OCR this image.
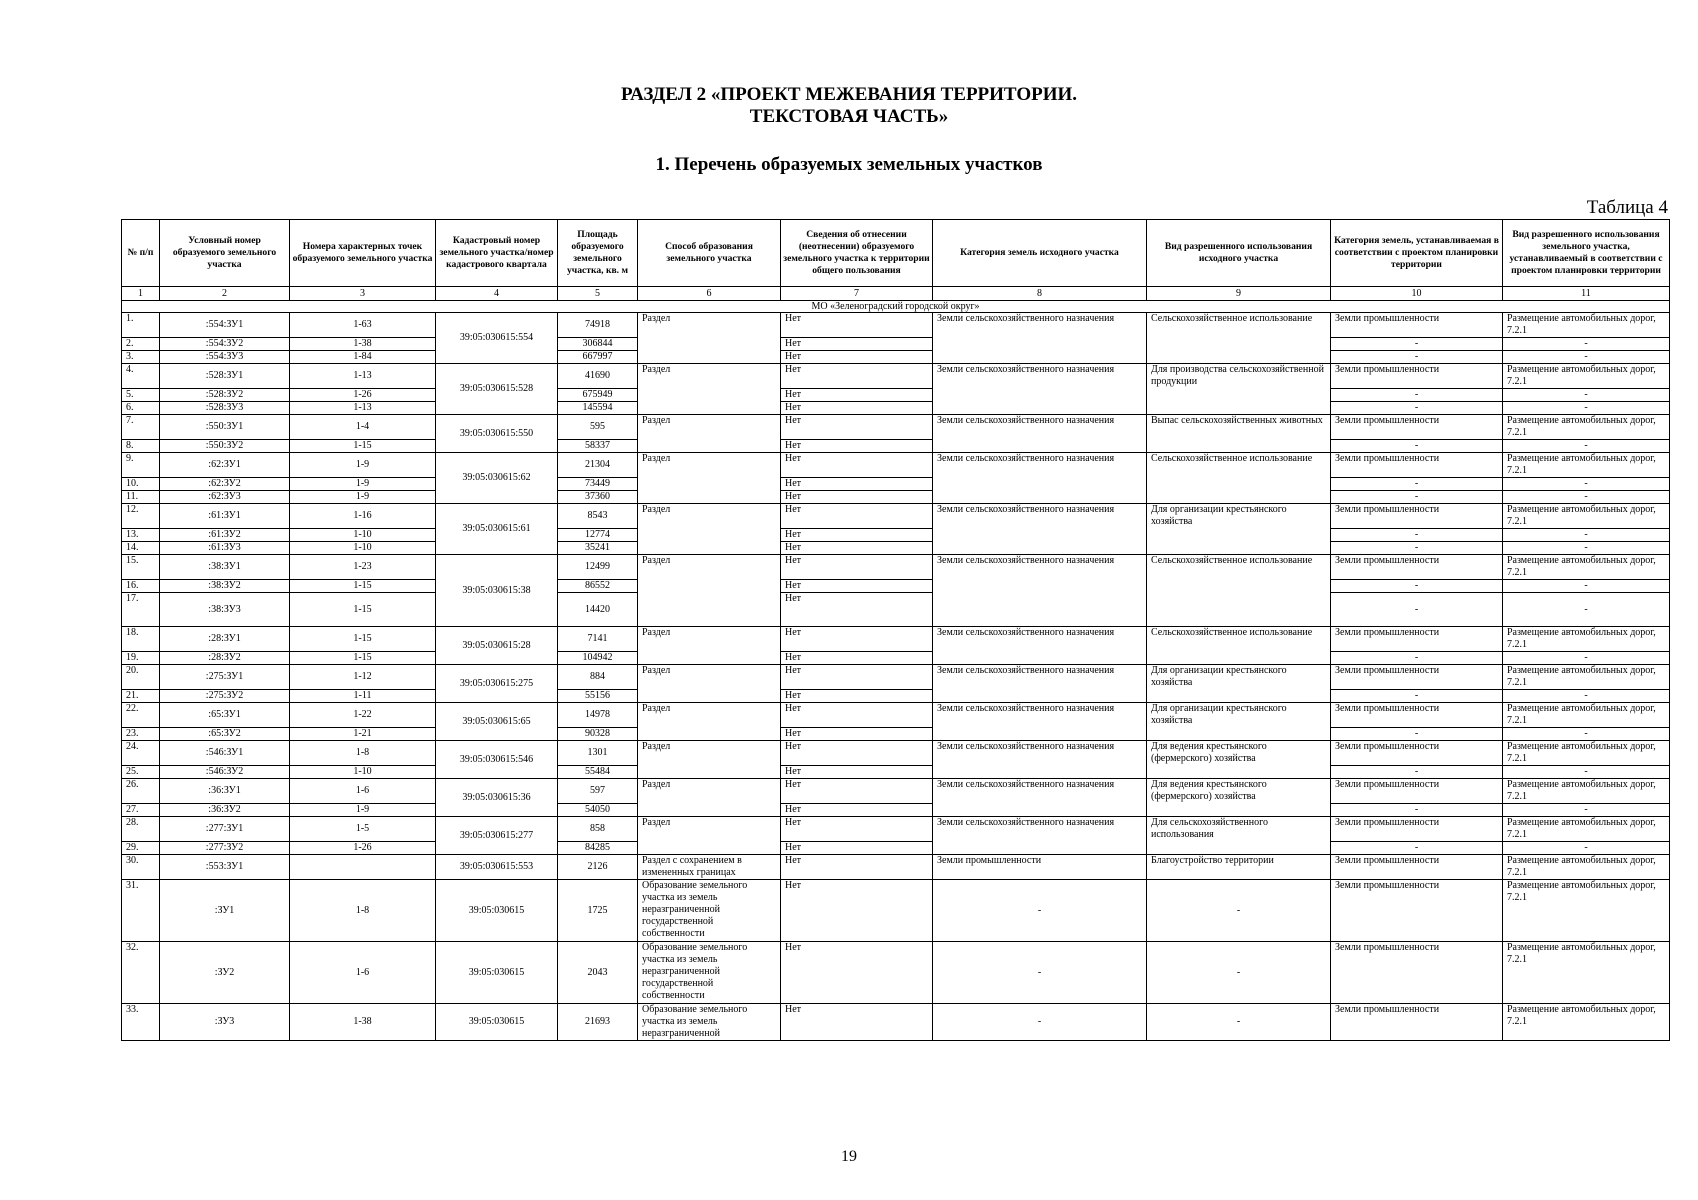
РАЗДЕЛ 2 «ПРОЕКТ МЕЖЕВАНИЯ ТЕРРИТОРИИ.
ТЕКСТОВАЯ ЧАСТЬ»
1. Перечень образуемых земельных участков
Таблица 4
№ п/п	Условный номер образуемого земельного участка	Номера характерных точек образуемого земельного участка	Кадастровый номер земельного участка/номер кадастрового квартала	Площадь образуемого земельного участка, кв. м	Способ образования земельного участка	Сведения об отнесении (неотнесении) образуемого земельного участка к территории общего пользования	Категория земель исходного участка	Вид разрешенного использования исходного участка	Категория земель, устанавливаемая в соответствии с проектом планировки территории	Вид разрешенного использования земельного участка, устанавливаемый в соответствии с проектом планировки территории
1	2	3	4	5	6	7	8	9	10	11
МО «Зеленоградский городской округ»										
1.	:554:ЗУ1	1-63	39:05:030615:554	74918	Раздел	Нет	Земли сельскохозяйственного назначения	Сельскохозяйственное использование	Земли промышленности	Размещение автомобильных дорог, 7.2.1
2.	:554:ЗУ2	1-38		306844		Нет			-	-
3.	:554:ЗУ3	1-84		667997		Нет			-	-
4.	:528:ЗУ1	1-13	39:05:030615:528	41690	Раздел	Нет	Земли сельскохозяйственного назначения	Для производства сельскохозяйственной продукции	Земли промышленности	Размещение автомобильных дорог, 7.2.1
5.	:528:ЗУ2	1-26		675949		Нет			-	-
6.	:528:ЗУ3	1-13		145594		Нет			-	-
7.	:550:ЗУ1	1-4	39:05:030615:550	595	Раздел	Нет	Земли сельскохозяйственного назначения	Выпас сельскохозяйственных животных	Земли промышленности	Размещение автомобильных дорог, 7.2.1
8.	:550:ЗУ2	1-15		58337		Нет			-	-
9.	:62:ЗУ1	1-9	39:05:030615:62	21304	Раздел	Нет	Земли сельскохозяйственного назначения	Сельскохозяйственное использование	Земли промышленности	Размещение автомобильных дорог, 7.2.1
10.	:62:ЗУ2	1-9		73449		Нет			-	-
11.	:62:ЗУ3	1-9		37360		Нет			-	-
12.	:61:ЗУ1	1-16	39:05:030615:61	8543	Раздел	Нет	Земли сельскохозяйственного назначения	Для организации крестьянского хозяйства	Земли промышленности	Размещение автомобильных дорог, 7.2.1
13.	:61:ЗУ2	1-10		12774		Нет			-	-
14.	:61:ЗУ3	1-10		35241		Нет			-	-
15.	:38:ЗУ1	1-23	39:05:030615:38	12499	Раздел	Нет	Земли сельскохозяйственного назначения	Сельскохозяйственное использование	Земли промышленности	Размещение автомобильных дорог, 7.2.1
16.	:38:ЗУ2	1-15		86552		Нет			-	-
17.	:38:ЗУ3	1-15		14420		Нет			-	-
18.	:28:ЗУ1	1-15	39:05:030615:28	7141	Раздел	Нет	Земли сельскохозяйственного назначения	Сельскохозяйственное использование	Земли промышленности	Размещение автомобильных дорог, 7.2.1
19.	:28:ЗУ2	1-15		104942		Нет			-	-
20.	:275:ЗУ1	1-12	39:05:030615:275	884	Раздел	Нет	Земли сельскохозяйственного назначения	Для организации крестьянского хозяйства	Земли промышленности	Размещение автомобильных дорог, 7.2.1
21.	:275:ЗУ2	1-11		55156		Нет			-	-
22.	:65:ЗУ1	1-22	39:05:030615:65	14978	Раздел	Нет	Земли сельскохозяйственного назначения	Для организации крестьянского хозяйства	Земли промышленности	Размещение автомобильных дорог, 7.2.1
23.	:65:ЗУ2	1-21		90328		Нет			-	-
24.	:546:ЗУ1	1-8	39:05:030615:546	1301	Раздел	Нет	Земли сельскохозяйственного назначения	Для ведения крестьянского (фермерского) хозяйства	Земли промышленности	Размещение автомобильных дорог, 7.2.1
25.	:546:ЗУ2	1-10		55484		Нет			-	-
26.	:36:ЗУ1	1-6	39:05:030615:36	597	Раздел	Нет	Земли сельскохозяйственного назначения	Для ведения крестьянского (фермерского) хозяйства	Земли промышленности	Размещение автомобильных дорог, 7.2.1
27.	:36:ЗУ2	1-9		54050		Нет			-	-
28.	:277:ЗУ1	1-5	39:05:030615:277	858	Раздел	Нет	Земли сельскохозяйственного назначения	Для сельскохозяйственного использования	Земли промышленности	Размещение автомобильных дорог, 7.2.1
29.	:277:ЗУ2	1-26		84285		Нет			-	-
30.	:553:ЗУ1		39:05:030615:553	2126	Раздел с сохранением в измененных границах	Нет	Земли промышленности	Благоустройство территории	Земли промышленности	Размещение автомобильных дорог, 7.2.1
31.	:ЗУ1	1-8	39:05:030615	1725	Образование земельного участка из земель неразграниченной государственной собственности	Нет	-	-	Земли промышленности	Размещение автомобильных дорог, 7.2.1
32.	:ЗУ2	1-6	39:05:030615	2043	Образование земельного участка из земель неразграниченной государственной собственности	Нет	-	-	Земли промышленности	Размещение автомобильных дорог, 7.2.1
33.	:ЗУ3	1-38	39:05:030615	21693	Образование земельного участка из земель неразграниченной	Нет	-	-	Земли промышленности	Размещение автомобильных дорог, 7.2.1
19
